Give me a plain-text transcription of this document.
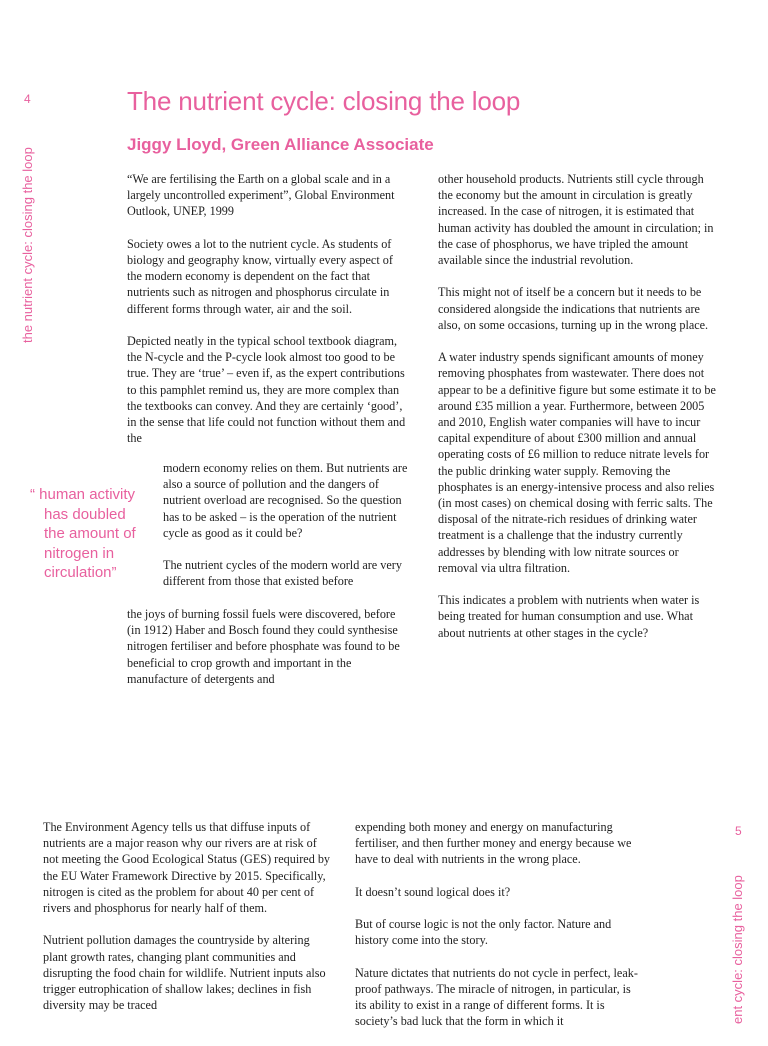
4
the nutrient cycle: closing the loop
The nutrient cycle: closing the loop
Jiggy Lloyd, Green Alliance Associate

“We are fertilising the Earth on a global scale and in a largely uncontrolled experiment”, Global Environment Outlook, UNEP, 1999

Society owes a lot to the nutrient cycle. As students of biology and geography know, virtually every aspect of the modern economy is dependent on the fact that nutrients such as nitrogen and phosphorus circulate in different forms through water, air and the soil.

Depicted neatly in the typical school textbook diagram, the N-cycle and the P-cycle look almost too good to be true. They are ‘true’ – even if, as the expert contributions to this pamphlet remind us, they are more complex than the textbooks can convey. And they are certainly ‘good’, in the sense that life could not function without them and the

modern economy relies on them. But nutrients are also a source of pollution and the dangers of nutrient overload are recognised. So the question has to be asked – is the operation of the nutrient cycle as good as it could be?

The nutrient cycles of the modern world are very different from those that existed before

the joys of burning fossil fuels were discovered, before (in 1912) Haber and Bosch found they could synthesise nitrogen fertiliser and before phosphate was found to be beneficial to crop growth and important in the manufacture of detergents and

“ human activity
has doubled
the amount of
nitrogen in
circulation”

other household products. Nutrients still cycle through the economy but the amount in circulation is greatly increased. In the case of nitrogen, it is estimated that human activity has doubled the amount in circulation; in the case of phosphorus, we have tripled the amount available since the industrial revolution.

This might not of itself be a concern but it needs to be considered alongside the indications that nutrients are also, on some occasions, turning up in the wrong place.

A water industry spends significant amounts of money removing phosphates from wastewater. There does not appear to be a definitive figure but some estimate it to be around £35 million a year. Furthermore, between 2005 and 2010, English water companies will have to incur capital expenditure of about £300 million and annual operating costs of £6 million to reduce nitrate levels for the public drinking water supply. Removing the phosphates is an energy-intensive process and also relies (in most cases) on chemical dosing with ferric salts. The disposal of the nitrate-rich residues of drinking water treatment is a challenge that the industry currently addresses by blending with low nitrate sources or removal via ultra filtration.

This indicates a problem with nutrients when water is being treated for human consumption and use. What about nutrients at other stages in the cycle?

The Environment Agency tells us that diffuse inputs of nutrients are a major reason why our rivers are at risk of not meeting the Good Ecological Status (GES) required by the EU Water Framework Directive by 2015. Specifically, nitrogen is cited as the problem for about 40 per cent of rivers and phosphorus for nearly half of them.

Nutrient pollution damages the countryside by altering plant growth rates, changing plant communities and disrupting the food chain for wildlife. Nutrient inputs also trigger eutrophication of shallow lakes; declines in fish diversity may be traced

expending both money and energy on manufacturing fertiliser, and then further money and energy because we have to deal with nutrients in the wrong place.

It doesn’t sound logical does it?

But of course logic is not the only factor. Nature and history come into the story.

Nature dictates that nutrients do not cycle in perfect, leak-proof pathways. The miracle of nitrogen, in particular, is its ability to exist in a range of different forms. It is society’s bad luck that the form in which it

5
ent cycle: closing the loop
